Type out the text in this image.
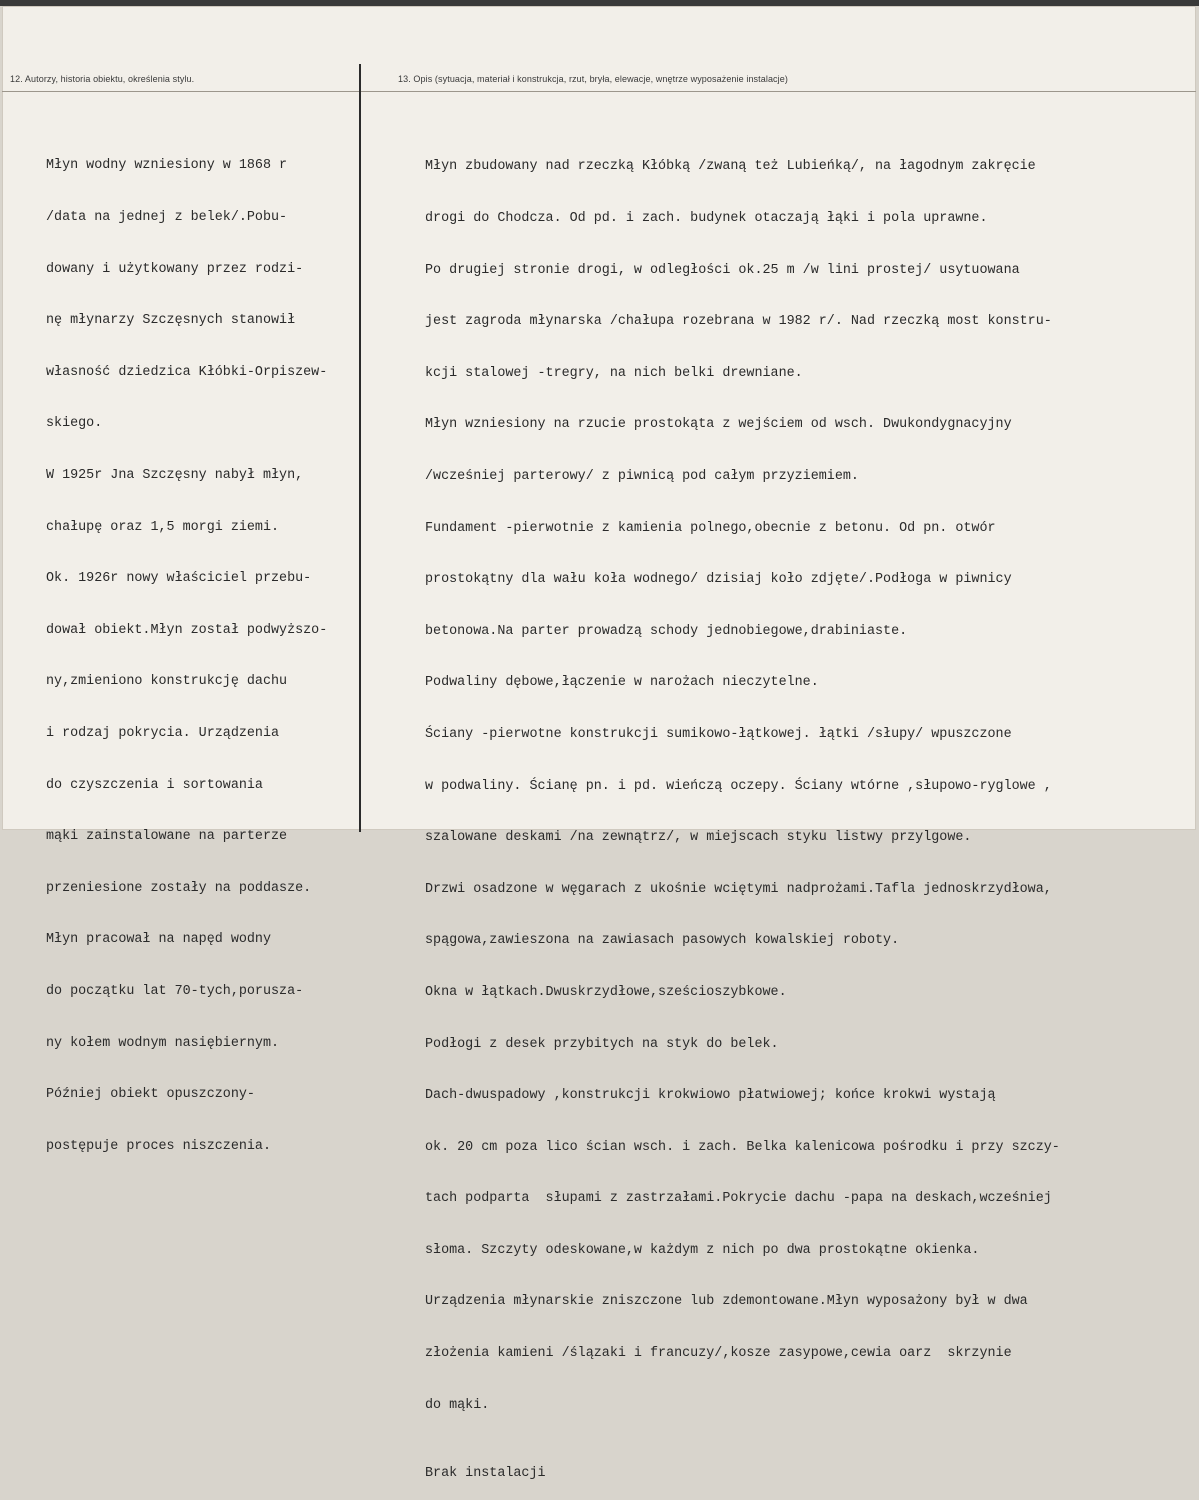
12. Autorzy, historia obiektu, określenia stylu.	13. Opis (sytuacja, materiał i konstrukcja, rzut, bryła, elewacje, wnętrze wyposażenie instalacje)

Młyn wodny wzniesiony w 1868 r

/data na jednej z belek/.Pobu-

dowany i użytkowany przez rodzi-

nę młynarzy Szczęsnych stanowił

własność dziedzica Kłóbki-Orpiszew-

skiego.

W 1925r Jna Szczęsny nabył młyn,

chałupę oraz 1,5 morgi ziemi.

Ok. 1926r nowy właściciel przebu-

dował obiekt.Młyn został podwyższo-

ny,zmieniono konstrukcję dachu

i rodzaj pokrycia. Urządzenia

do czyszczenia i sortowania

mąki zainstalowane na parterze

przeniesione zostały na poddasze.

Młyn pracował na napęd wodny

do początku lat 70-tych,porusza-

ny kołem wodnym nasiębiernym.

Później obiekt opuszczony-

postępuje proces niszczenia.

Młyn zbudowany nad rzeczką Kłóbką /zwaną też Lubieńką/, na łagodnym zakręcie

drogi do Chodcza. Od pd. i zach. budynek otaczają łąki i pola uprawne.

Po drugiej stronie drogi, w odległości ok.25 m /w lini prostej/ usytuowana

jest zagroda młynarska /chałupa rozebrana w 1982 r/. Nad rzeczką most konstru-

kcji stalowej -tregry, na nich belki drewniane.

Młyn wzniesiony na rzucie prostokąta z wejściem od wsch. Dwukondygnacyjny

/wcześniej parterowy/ z piwnicą pod całym przyziemiem.

Fundament -pierwotnie z kamienia polnego,obecnie z betonu. Od pn. otwór

prostokątny dla wału koła wodnego/ dzisiaj koło zdjęte/.Podłoga w piwnicy

betonowa.Na parter prowadzą schody jednobiegowe,drabiniaste.

Podwaliny dębowe,łączenie w narożach nieczytelne.

Ściany -pierwotne konstrukcji sumikowo-łątkowej. łątki /słupy/ wpuszczone

w podwaliny. Ścianę pn. i pd. wieńczą oczepy. Ściany wtórne ,słupowo-ryglowe ,

szalowane deskami /na zewnątrz/, w miejscach styku listwy przylgowe.

Drzwi osadzone w węgarach z ukośnie wciętymi nadprożami.Tafla jednoskrzydłowa,

spągowa,zawieszona na zawiasach pasowych kowalskiej roboty.

Okna w łątkach.Dwuskrzydłowe,sześcioszybkowe.

Podłogi z desek przybitych na styk do belek.

Dach-dwuspadowy ,konstrukcji krokwiowo płatwiowej; końce krokwi wystają

ok. 20 cm poza lico ścian wsch. i zach. Belka kalenicowa pośrodku i przy szczy-

tach podparta  słupami z zastrzałami.Pokrycie dachu -papa na deskach,wcześniej

słoma. Szczyty odeskowane,w każdym z nich po dwa prostokątne okienka.

Urządzenia młynarskie zniszczone lub zdemontowane.Młyn wyposażony był w dwa

złożenia kamieni /ślązaki i francuzy/,kosze zasypowe,cewia oarz  skrzynie

do mąki.

Brak instalacji
